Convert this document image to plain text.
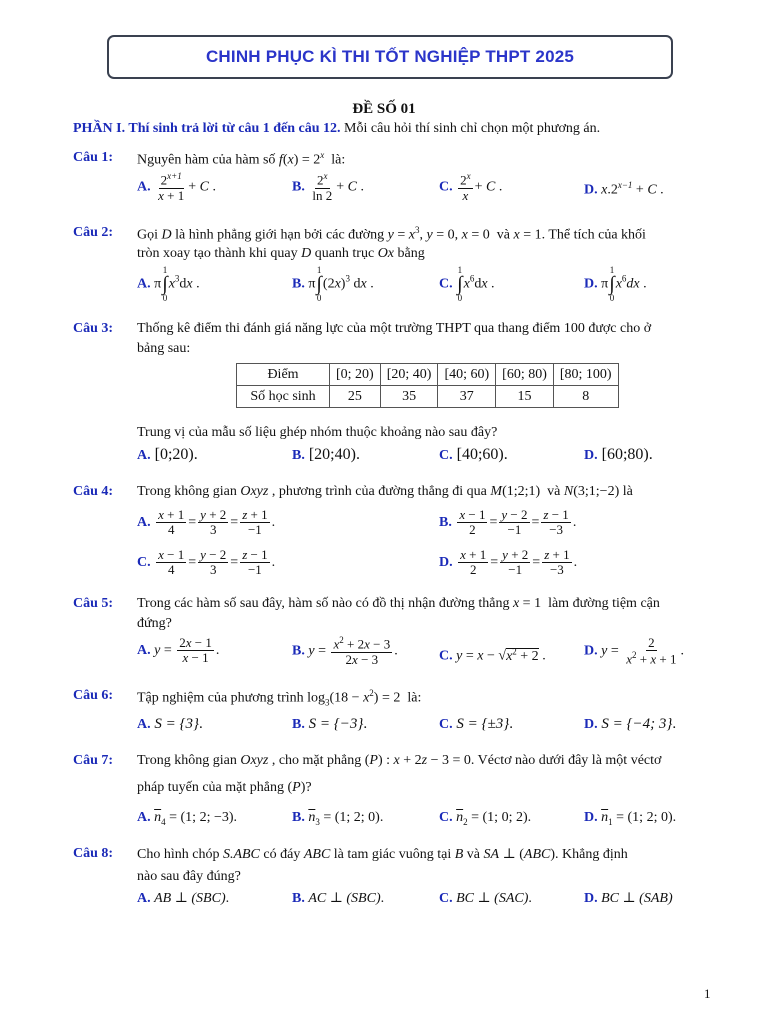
CHINH PHỤC KÌ THI TỐT NGHIỆP THPT 2025
ĐỀ SỐ 01
PHẦN I. Thí sinh trả lời từ câu 1 đến câu 12. Mỗi câu hỏi thí sinh chỉ chọn một phương án.
Câu 1: Nguyên hàm của hàm số $f(x) = 2^x$ là:
A. $\frac{2^{x+1}}{x + 1} + C$ .	B. $\frac{2^x}{\ln 2} + C$ .	C. $\frac{2^x}{x} + C$ .	D. $x.2^{x-1} + C$ .
Câu 2: Gọi D là hình phẳng giới hạn bởi các đường $y = x^3$, y = 0, x = 0  và x = 1. Thể tích của khối
tròn xoay tạo thành khi quay D quanh trục Ox bằng
A. π
1
∫
0
$x^3dx$ .	B. π
1
∫
0
$(2x)^3$ dx .	C.
1
∫
0
$x^6dx$ .	D. π
1
∫
0
$x^6dx$ .
Câu 3: Thống kê điểm thi đánh giá năng lực của một trường THPT qua thang điểm 100 được cho ở
bảng sau:
Điểm	[0; 20)	[20; 40)	[40; 60)	[60; 80)	[80; 100)
Số học sinh	25	35	37	15	8
Trung vị của mẫu số liệu ghép nhóm thuộc khoảng nào sau đây?
A. [0;20).	B. [20;40).	C. [40;60).	D. [60;80).
Câu 4: Trong không gian Oxyz , phương trình của đường thẳng đi qua M(1;2;1)  và N(3;1;−2) là
A. $\frac{x + 1}{4} = \frac{y + 2}{3} = \frac{z + 1}{-1}$ .	B. $\frac{x - 1}{2} = \frac{y - 2}{-1} = \frac{z - 1}{-3}$ .
C. $\frac{x - 1}{4} = \frac{y - 2}{3} = \frac{z - 1}{-1}$ .	D. $\frac{x + 1}{2} = \frac{y + 2}{-1} = \frac{z + 1}{-3}$ .
Câu 5: Trong các hàm số sau đây, hàm số nào có đồ thị nhận đường thẳng x = 1  làm đường tiệm cận
đứng?
A. $y = \frac{2x - 1}{x - 1}$ .	B. $y = \frac{x^2 + 2x - 3}{2x - 3}$ .	C. $y = x - √x^2 + 2$ .	D. $y = \frac{2}{x^2 + x + 1}$ .
Câu 6: Tập nghiệm của phương trình $\log_3(18 - x^2) = 2$  là:
A. S = {3}.	B. S = {−3}.	C. S = {±3}.	D. S = {−4; 3}.
Câu 7: Trong không gian Oxyz , cho mặt phẳng (P) : x + 2z − 3 = 0. Véctơ nào dưới đây là một véctơ
pháp tuyến của mặt phẳng (P)?
A. $\overline{n}_4 = (1$; 2; −3).	B. $\overline{n}_3 = (1$; 2; 0).	C. $\overline{n}_2 = (1$; 0; 2).	D. $\overline{n}_1 = (1$; 2; 0).
Câu 8: Cho hình chóp S.ABC có đáy ABC là tam giác vuông tại B và SA ⊥ (ABC). Khẳng định
nào sau đây đúng?
A. AB ⊥ (SBC).	B. AC ⊥ (SBC).	C. BC ⊥ (SAC).	D. BC ⊥ (SAB)
1
